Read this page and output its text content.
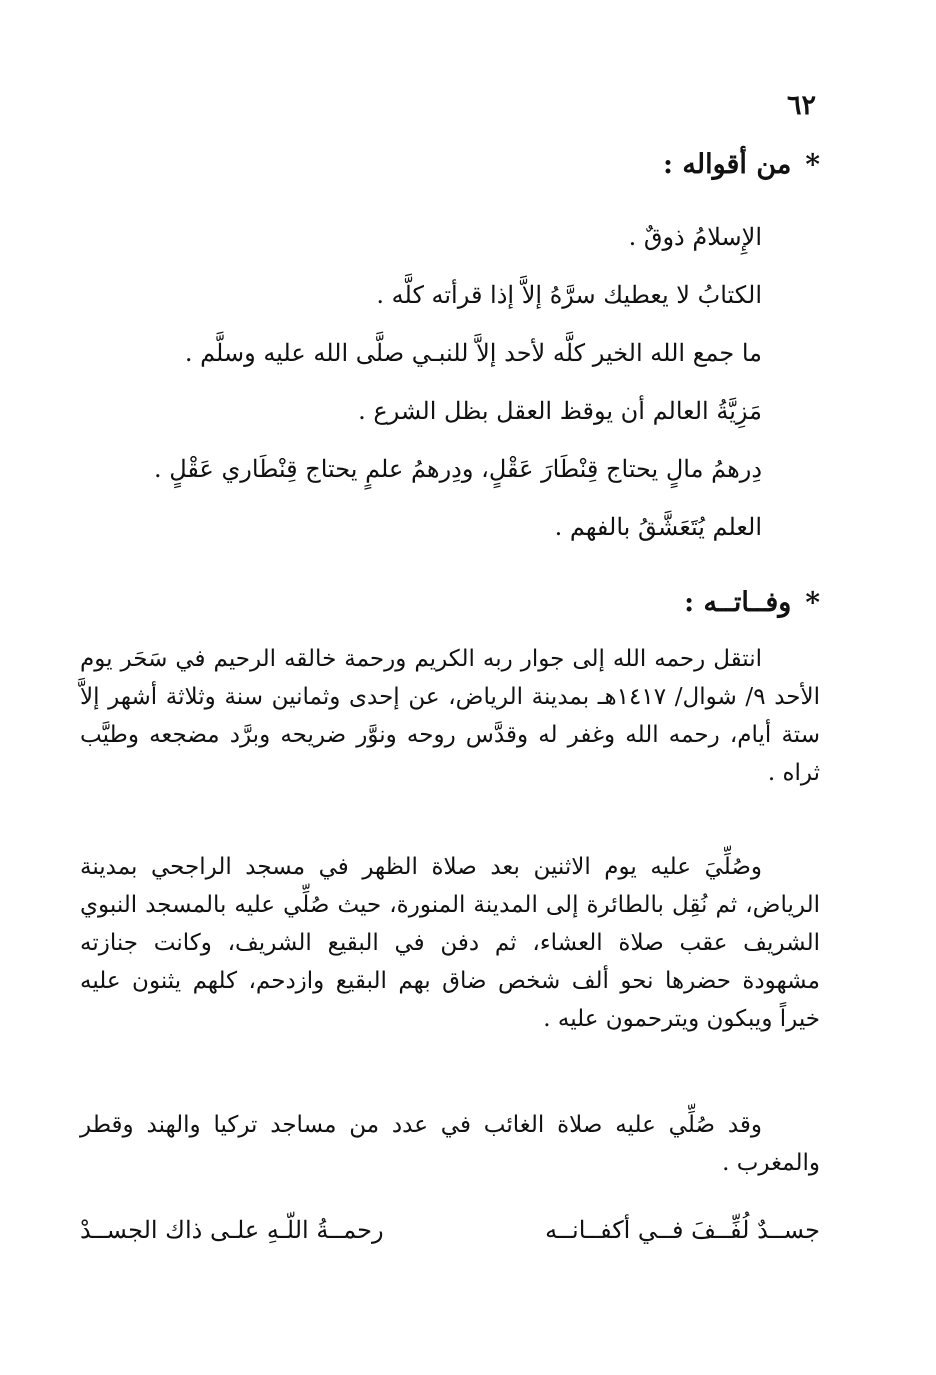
٦٢
*
من أقواله :
الإِسلامُ ذوقٌ .
الكتابُ لا يعطيك سرَّهُ إلاَّ إذا قرأته كلَّه .
ما جمع الله الخير كلَّه لأحد إلاَّ للنبـي صلَّى الله عليه وسلَّم .
مَزِيَّةُ العالم أن يوقظ العقل بظل الشرع .
دِرهمُ مالٍ يحتاج قِنْطَارَ عَقْلٍ، ودِرهمُ علمٍ يحتاج قِنْطَاري عَقْلٍ .
العلم يُتَعَشَّقُ بالفهم .
*
وفــاتــه :

انتقل رحمه الله إلى جوار ربه الكريم ورحمة خالقه الرحيم في سَحَر يوم الأحد ٩/ شوال/ ١٤١٧هـ بمدينة الرياض، عن إحدى وثمانين سنة وثلاثة أشهر إلاَّ ستة أيام، رحمه الله وغفر له وقدَّس روحه ونوَّر ضريحه وبرَّد مضجعه وطيَّب ثراه .

وصُلِّيَ عليه يوم الاثنين بعد صلاة الظهر في مسجد الراجحي بمدينة الرياض، ثم نُقِل بالطائرة إلى المدينة المنورة، حيث صُلِّي عليه بالمسجد النبوي الشريف عقب صلاة العشاء، ثم دفن في البقيع الشريف، وكانت جنازته مشهودة حضرها نحو ألف شخص ضاق بهم البقيع وازدحم، كلهم يثنون عليه خيراً ويبكون ويترحمون عليه .

وقد صُلِّي عليه صلاة الغائب في عدد من مساجد تركيا والهند وقطر والمغرب .

جســدٌ لُفِّــفَ فــي أكفــانــه
رحمــةُ اللّـهِ علـى ذاك الجســدْ
